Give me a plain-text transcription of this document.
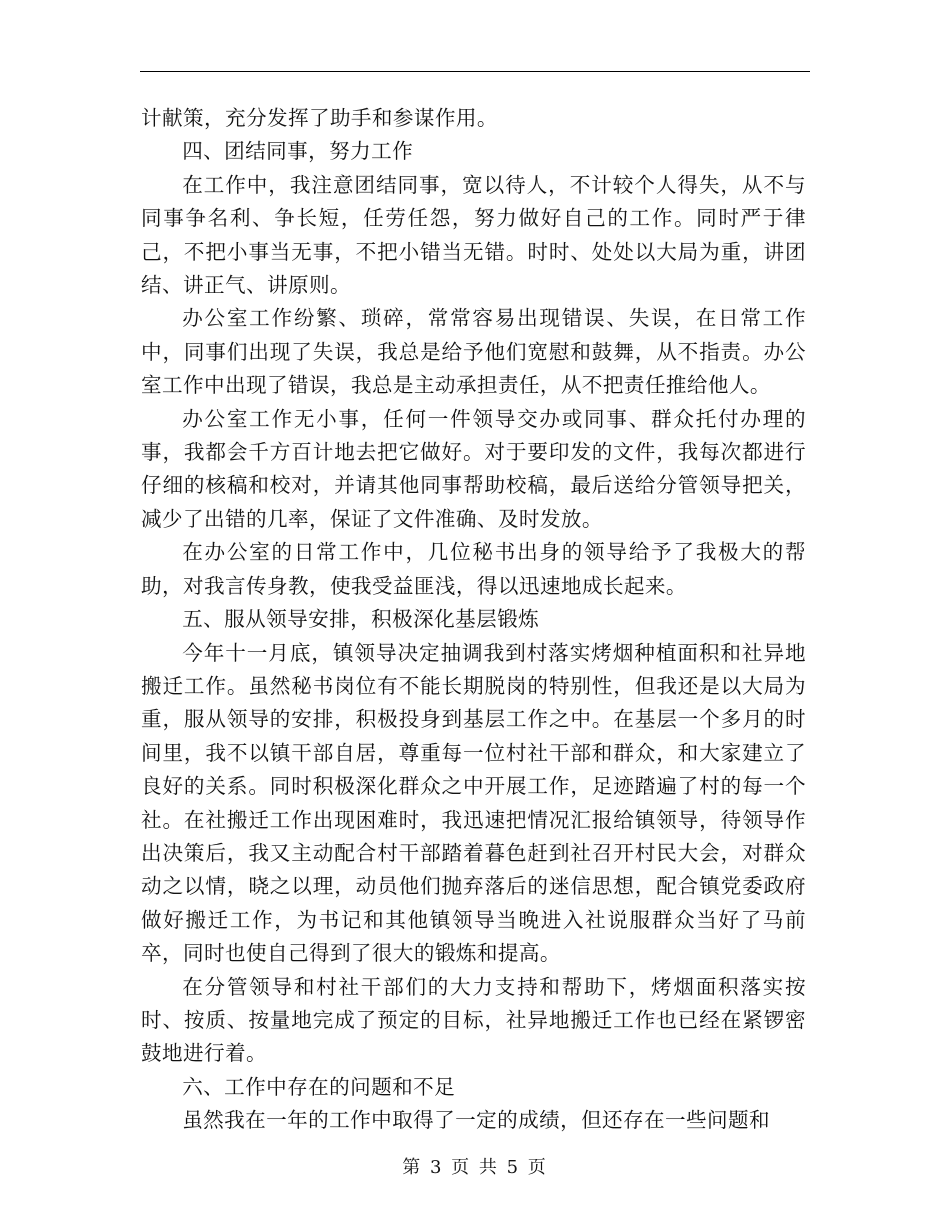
计献策，充分发挥了助手和参谋作用。

四、团结同事，努力工作

在工作中，我注意团结同事，宽以待人，不计较个人得失，从不与同事争名利、争长短，任劳任怨，努力做好自己的工作。同时严于律己，不把小事当无事，不把小错当无错。时时、处处以大局为重，讲团结、讲正气、讲原则。

办公室工作纷繁、琐碎，常常容易出现错误、失误，在日常工作中，同事们出现了失误，我总是给予他们宽慰和鼓舞，从不指责。办公室工作中出现了错误，我总是主动承担责任，从不把责任推给他人。

办公室工作无小事，任何一件领导交办或同事、群众托付办理的事，我都会千方百计地去把它做好。对于要印发的文件，我每次都进行仔细的核稿和校对，并请其他同事帮助校稿，最后送给分管领导把关，减少了出错的几率，保证了文件准确、及时发放。

在办公室的日常工作中，几位秘书出身的领导给予了我极大的帮助，对我言传身教，使我受益匪浅，得以迅速地成长起来。

五、服从领导安排，积极深化基层锻炼

今年十一月底，镇领导决定抽调我到村落实烤烟种植面积和社异地搬迁工作。虽然秘书岗位有不能长期脱岗的特别性，但我还是以大局为重，服从领导的安排，积极投身到基层工作之中。在基层一个多月的时间里，我不以镇干部自居，尊重每一位村社干部和群众，和大家建立了良好的关系。同时积极深化群众之中开展工作，足迹踏遍了村的每一个社。在社搬迁工作出现困难时，我迅速把情况汇报给镇领导，待领导作出决策后，我又主动配合村干部踏着暮色赶到社召开村民大会，对群众动之以情，晓之以理，动员他们抛弃落后的迷信思想，配合镇党委政府做好搬迁工作，为书记和其他镇领导当晚进入社说服群众当好了马前卒，同时也使自己得到了很大的锻炼和提高。

在分管领导和村社干部们的大力支持和帮助下，烤烟面积落实按时、按质、按量地完成了预定的目标，社异地搬迁工作也已经在紧锣密鼓地进行着。

六、工作中存在的问题和不足

虽然我在一年的工作中取得了一定的成绩，但还存在一些问题和

第 3 页 共 5 页
